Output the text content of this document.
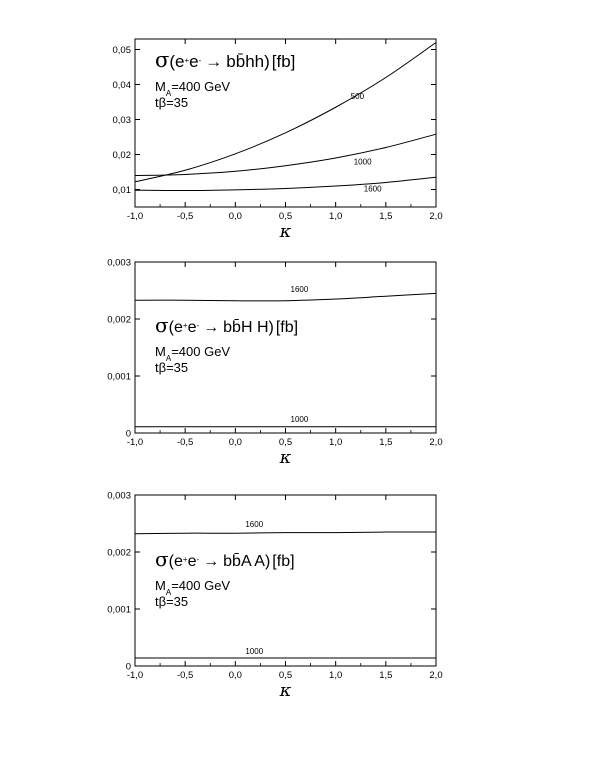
-1,0	-0,5	0,0	0,5	1,0	1,5	2,0
0,01
0,02
0,03
0,04
0,05
κ
500
1000
1600
σ(e+e- → bb̄hh) [fb]
$M_A=400$ GeV
tβ=35
-1,0	-0,5	0,0	0,5	1,0	1,5	2,0
0
0,001
0,002
0,003
κ
1600
1000
σ(e+e- → bb̄H H) [fb]
$M_A=400$ GeV
tβ=35
-1,0	-0,5	0,0	0,5	1,0	1,5	2,0
0
0,001
0,002
0,003
κ
1600
1000
σ(e+e- → bb̄A A) [fb]
$M_A=400$ GeV
tβ=35
